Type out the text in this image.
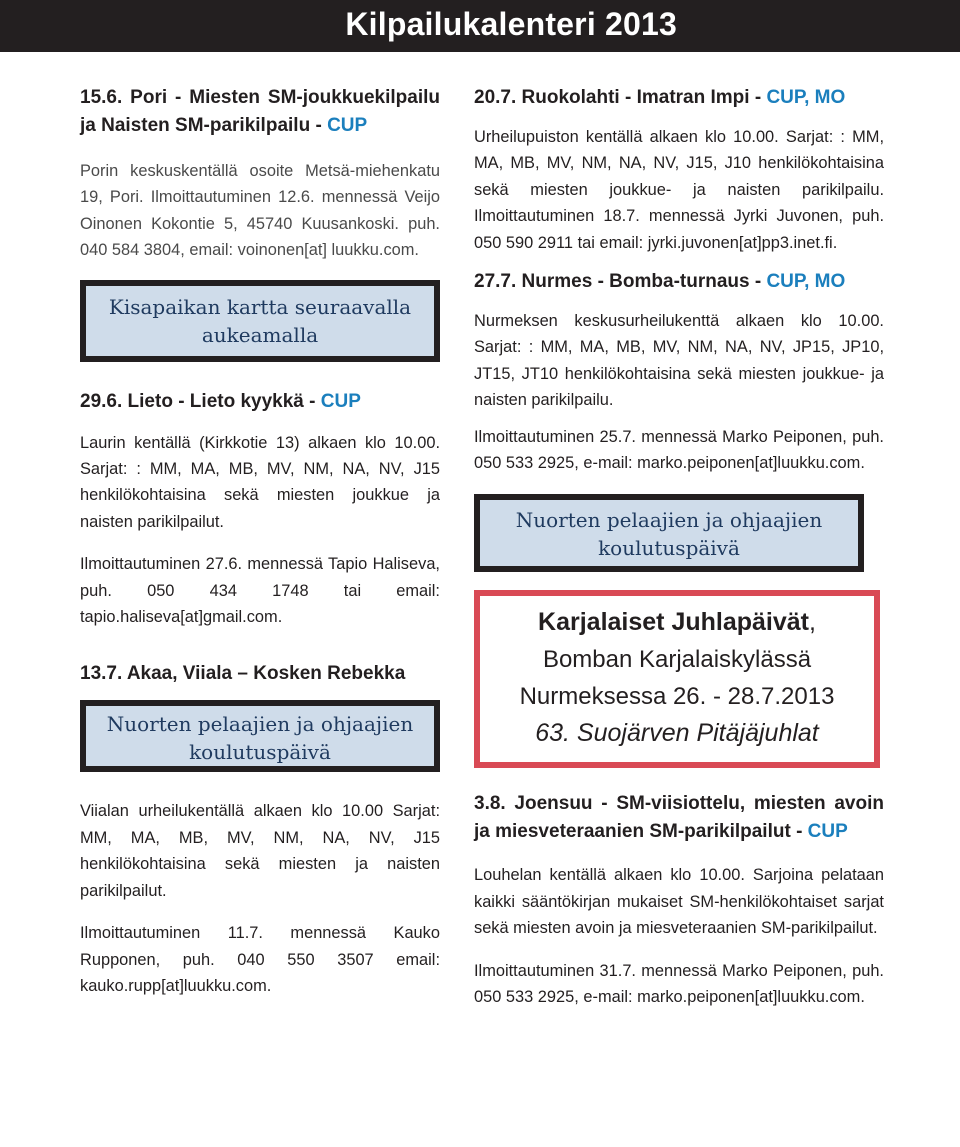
Kilpailukalenteri 2013
15.6. Pori - Miesten SM-joukkuekilpailu ja Naisten SM-parikilpailu - CUP

Porin keskuskentällä osoite Metsä-miehenkatu 19, Pori. Ilmoittautuminen 12.6. mennessä Veijo Oinonen Kokontie 5, 45740 Kuusankoski. puh. 040 584 3804, email: voinonen[at] luukku.com.

Kisapaikan kartta seuraavalla
aukeamalla
29.6. Lieto - Lieto kyykkä - CUP

Laurin kentällä (Kirkkotie 13) alkaen klo 10.00. Sarjat: : MM, MA, MB, MV, NM, NA, NV, J15 henkilökohtaisina sekä miesten joukkue ja naisten parikilpailut.

Ilmoittautuminen 27.6. mennessä Tapio Haliseva, puh. 050 434 1748 tai email: tapio.haliseva[at]gmail.com.

13.7. Akaa, Viiala – Kosken Rebekka
Nuorten pelaajien ja ohjaajien
koulutuspäivä

Viialan urheilukentällä alkaen klo 10.00 Sarjat: MM, MA, MB, MV, NM, NA, NV, J15 henkilökohtaisina sekä miesten ja naisten parikilpailut.

Ilmoittautuminen 11.7. mennessä Kauko Rupponen, puh. 040 550 3507 email: kauko.rupp[at]luukku.com.

20.7. Ruokolahti - Imatran Impi - CUP, MO

Urheilupuiston kentällä alkaen klo 10.00. Sarjat: : MM, MA, MB, MV, NM, NA, NV, J15, J10 henkilökohtaisina sekä miesten joukkue- ja naisten parikilpailu. Ilmoittautuminen 18.7. mennessä Jyrki Juvonen, puh. 050 590 2911 tai email: jyrki.juvonen[at]pp3.inet.fi.

27.7. Nurmes - Bomba-turnaus - CUP, MO

Nurmeksen keskusurheilukenttä alkaen klo 10.00. Sarjat: : MM, MA, MB, MV, NM, NA, NV, JP15, JP10, JT15, JT10 henkilökohtaisina sekä miesten joukkue- ja naisten parikilpailu.

Ilmoittautuminen 25.7. mennessä Marko Peiponen, puh. 050 533 2925, e-mail: marko.peiponen[at]luukku.com.

Nuorten pelaajien ja ohjaajien
koulutuspäivä
Karjalaiset Juhlapäivät,
Bomban Karjalaiskylässä
Nurmeksessa 26. - 28.7.2013
63. Suojärven Pitäjäjuhlat
3.8. Joensuu - SM-viisiottelu, miesten avoin ja miesveteraanien SM-parikilpailut - CUP

Louhelan kentällä alkaen klo 10.00. Sarjoina pelataan kaikki sääntökirjan mukaiset SM-henkilökohtaiset sarjat sekä miesten avoin ja miesveteraanien SM-parikilpailut.

Ilmoittautuminen 31.7. mennessä Marko Peiponen, puh. 050 533 2925, e-mail: marko.peiponen[at]luukku.com.
